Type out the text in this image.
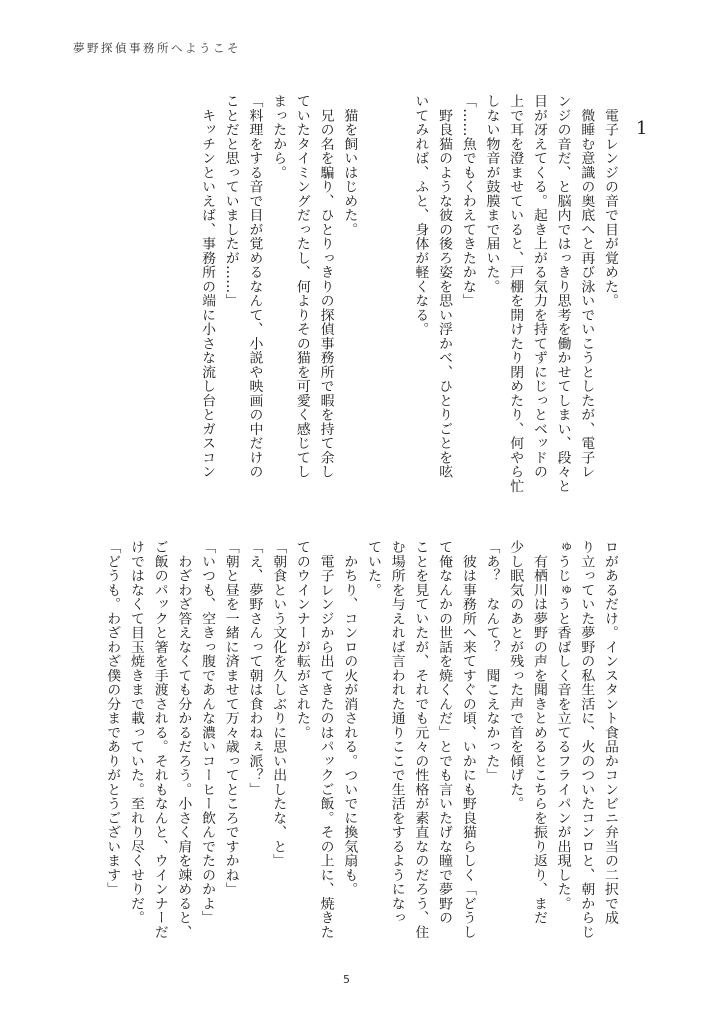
夢野探偵事務所へようこそ
1
　電子レンジの音で目が覚めた。
　微睡む意識の奥底へと再び泳いでいこうとしたが、電子レ
ンジの音だ、と脳内ではっきり思考を働かせてしまい、段々と
目が冴えてくる。起き上がる気力を持てずにじっとベッドの
上で耳を澄ませていると、戸棚を開けたり閉めたり、何やら忙
しない物音が鼓膜まで届いた。
「……魚でもくわえてきたかな」
　野良猫のような彼の後ろ姿を思い浮かべ、ひとりごとを呟
いてみれば、ふと、身体が軽くなる。

　猫を飼いはじめた。
　兄の名を騙り、ひとりっきりの探偵事務所で暇を持て余し
ていたタイミングだったし、何よりその猫を可愛く感じてし
まったから。
「料理をする音で目が覚めるなんて、小説や映画の中だけの
ことだと思っていましたが……」
　キッチンといえば、事務所の端に小さな流し台とガスコン
ロがあるだけ。インスタント食品かコンビニ弁当の二択で成
り立っていた夢野の私生活に、火のついたコンロと、朝からじ
ゅうじゅうと香ばしく音を立てるフライパンが出現した。
　有栖川は夢野の声を聞きとめるとこちらを振り返り、まだ
少し眠気のあとが残った声で首を傾げた。
「あ？　なんて？　聞こえなかった」
　彼は事務所へ来てすぐの頃、いかにも野良猫らしく「どうし
て俺なんかの世話を焼くんだ」とでも言いたげな瞳で夢野の
ことを見ていたが、それでも元々の性格が素直なのだろう、住
む場所を与えれば言われた通りここで生活をするようになっ
ていた。
　かちり、コンロの火が消される。ついでに換気扇も。
　電子レンジから出てきたのはパックご飯。その上に、焼きた
てのウインナーが転がされた。
「朝食という文化を久しぶりに思い出したな、と」
「え、夢野さんって朝は食わねぇ派？」
「朝と昼を一緒に済ませて万々歳ってところですかね」
「いつも、空きっ腹であんな濃いコーヒー飲んでたのかよ」
　わざわざ答えなくても分かるだろう。小さく肩を竦めると、
ご飯のパックと箸を手渡される。それもなんと、ウインナーだ
けではなくて目玉焼きまで載っていた。至れり尽くせりだ。
「どうも。わざわざ僕の分までありがとうございます」
5
